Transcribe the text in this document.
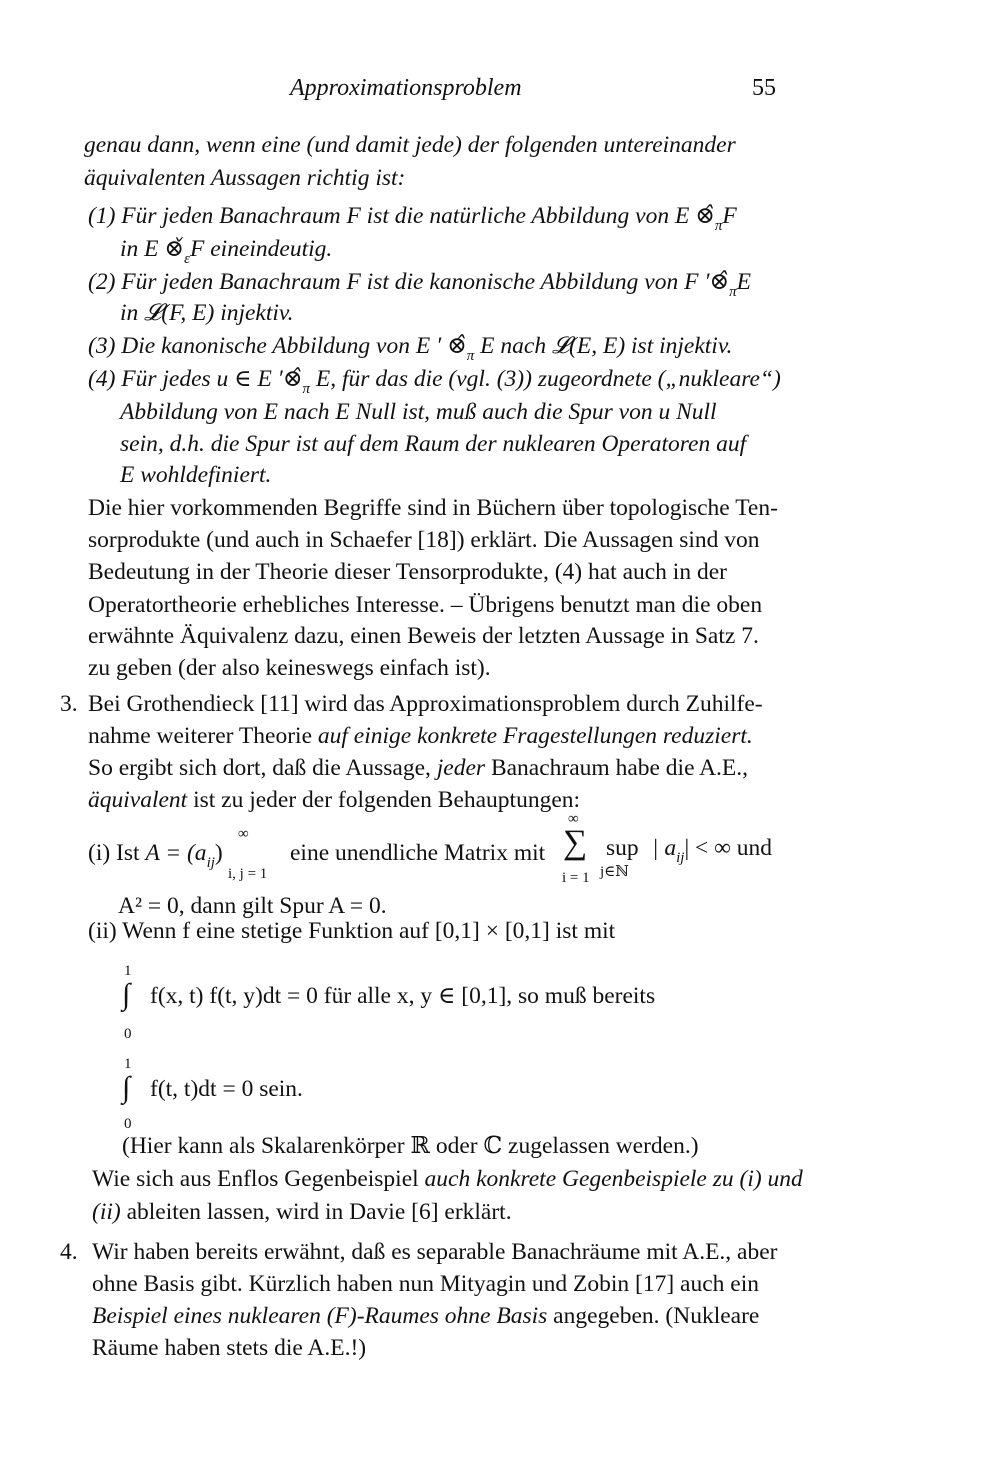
Approximationsproblem	55
genau dann, wenn eine (und damit jede) der folgenden untereinander
äquivalenten Aussagen richtig ist:
(1) Für jeden Banachraum F ist die natürliche Abbildung von E $\otimeŝ_\pi F$
in E $\otimeš_\varepsilon F$ eineindeutig.
(2) Für jeden Banachraum F ist die kanonische Abbildung von F $'\otimeŝ_\pi E$
in 𝓛(F, E) injektiv.
(3) Die kanonische Abbildung von E ′ $\otimeŝ_\pi$ E nach 𝓛(E, E) ist injektiv.
(4) Für jedes u ∈ E $'\otimeŝ_\pi$ E, für das die (vgl. (3)) zugeordnete („nukleare“)
Abbildung von E nach E Null ist, muß auch die Spur von u Null
sein, d.h. die Spur ist auf dem Raum der nuklearen Operatoren auf
E wohldefiniert.
Die hier vorkommenden Begriffe sind in Büchern über topologische Ten-
sorprodukte (und auch in Schaefer [18]) erklärt. Die Aussagen sind von
Bedeutung in der Theorie dieser Tensorprodukte, (4) hat auch in der
Operatortheorie erhebliches Interesse. – Übrigens benutzt man die oben
erwähnte Äquivalenz dazu, einen Beweis der letzten Aussage in Satz 7.
zu geben (der also keineswegs einfach ist).
3. Bei Grothendieck [11] wird das Approximationsproblem durch Zuhilfe-
nahme weiterer Theorie auf einige konkrete Fragestellungen reduziert.
So ergibt sich dort, daß die Aussage, jeder Banachraum habe die A.E.,
äquivalent ist zu jeder der folgenden Behauptungen:
(i) Ist $A = (a_{ij})$
∞
i, j = 1
eine unendliche Matrix mit
∞
∑
i = 1
sup
j∈ℕ
| $a_{ij}|$ < ∞ und
A² = 0, dann gilt Spur A = 0.
(ii) Wenn f eine stetige Funktion auf [0,1] × [0,1] ist mit
1
∫
0
f(x, t) f(t, y)dt = 0 für alle x, y ∈ [0,1], so muß bereits
1
∫
0
f(t, t)dt = 0 sein.
(Hier kann als Skalarenkörper ℝ oder ℂ zugelassen werden.)
Wie sich aus Enflos Gegenbeispiel auch konkrete Gegenbeispiele zu (i) und
(ii) ableiten lassen, wird in Davie [6] erklärt.
4. Wir haben bereits erwähnt, daß es separable Banachräume mit A.E., aber
ohne Basis gibt. Kürzlich haben nun Mityagin und Zobin [17] auch ein
Beispiel eines nuklearen (F)-Raumes ohne Basis angegeben. (Nukleare
Räume haben stets die A.E.!)
